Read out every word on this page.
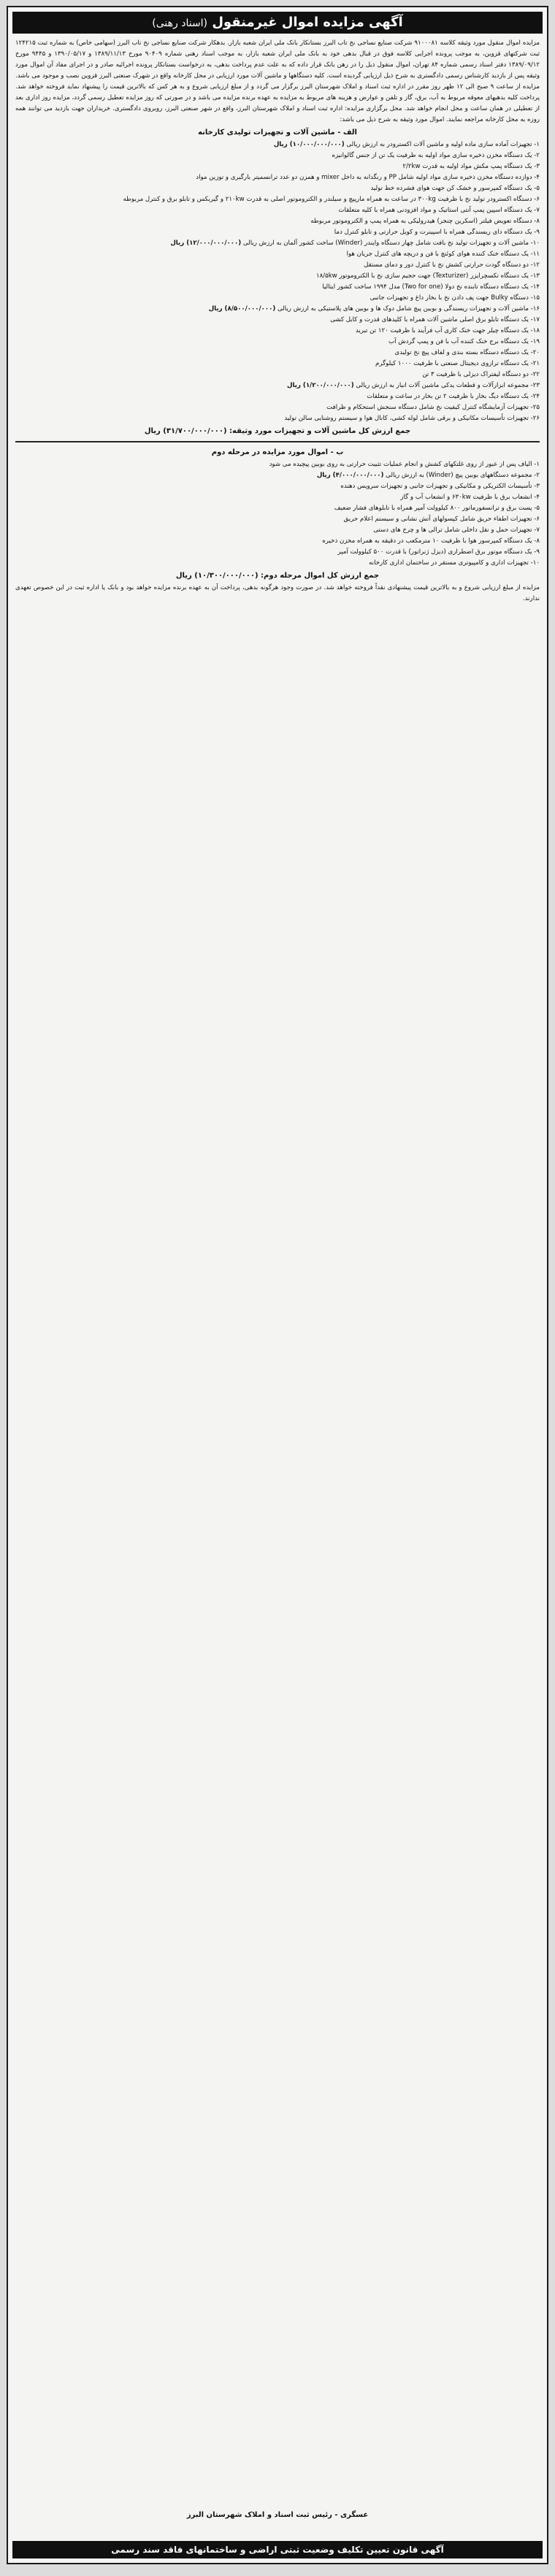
آگهی مزایده اموال غیرمنقول (اسناد رهنی)

مزایده اموال منقول مورد وثیقه کلاسه ۹۱۰۰۰۸۱ شرکت صنایع نساجی نخ تاب البرز بستانکار بانک ملی ایران شعبه بازار. بدهکار شرکت صنایع نساجی نخ تاب البرز (سهامی خاص) به شماره ثبت ۱۲۴۲۱۵ ثبت شرکتهای قزوین، به موجب پرونده اجرایی کلاسه فوق در قبال بدهی خود به بانک ملی ایران شعبه بازار، به موجب اسناد رهنی شماره ۹۰۴۰۹ مورخ ۱۳۸۹/۱۱/۱۳ و ۱۳۹۰/۰۵/۱۷ و ۹۴۴۵ مورخ ۱۳۸۹/۰۹/۱۲ دفتر اسناد رسمی شماره ۸۴ تهران، اموال منقول ذیل را در رهن بانک قرار داده که به علت عدم پرداخت بدهی، به درخواست بستانکار پرونده اجرائیه صادر و در اجرای مفاد آن اموال مورد وثیقه پس از بازدید کارشناس رسمی دادگستری به شرح ذیل ارزیابی گردیده است. کلیه دستگاهها و ماشین آلات مورد ارزیابی در محل کارخانه واقع در شهرک صنعتی البرز قزوین نصب و موجود می باشد. مزایده از ساعت ۹ صبح الی ۱۲ ظهر روز مقرر در اداره ثبت اسناد و املاک شهرستان البرز برگزار می گردد و از مبلغ ارزیابی شروع و به هر کس که بالاترین قیمت را پیشنهاد نماید فروخته خواهد شد. پرداخت کلیه بدهیهای معوقه مربوط به آب، برق، گاز و تلفن و عوارض و هزینه های مربوط به مزایده به عهده برنده مزایده می باشد و در صورتی که روز مزایده تعطیل رسمی گردد، مزایده روز اداری بعد از تعطیلی در همان ساعت و محل انجام خواهد شد. محل برگزاری مزایده: اداره ثبت اسناد و املاک شهرستان البرز، واقع در شهر صنعتی البرز، روبروی دادگستری. خریداران جهت بازدید می توانند همه روزه به محل کارخانه مراجعه نمایند. اموال مورد وثیقه به شرح ذیل می باشد:

الف - ماشین آلات و تجهیزات تولیدی کارخانه
۱- تجهیزات آماده سازی ماده اولیه و ماشین آلات اکسترودر به ارزش ریالی (۱۰/۰۰۰/۰۰۰/۰۰۰) ریال
۲- یک دستگاه مخزن ذخیره سازی مواد اولیه به ظرفیت یک تن از جنس گالوانیزه
۳- یک دستگاه پمپ مکش مواد اولیه به قدرت ۲/۲kw
۴- دوازده دستگاه مخزن ذخیره سازی مواد اولیه شامل PP و رنگدانه به داخل mixer و همزن دو عدد ترانسمیتر بارگیری و توزین مواد
۵- یک دستگاه کمپرسور و خشک کن جهت هوای فشرده خط تولید
۶- دستگاه اکسترودر تولید نخ با ظرفیت ۳۰۰kg در ساعت به همراه مارپیچ و سیلندر و الکتروموتور اصلی به قدرت ۲۱۰kw و گیربکس و تابلو برق و کنترل مربوطه
۷- یک دستگاه اسپین پمپ آنتی استاتیک و مواد افزودنی همراه با کلیه متعلقات
۸- دستگاه تعویض فیلتر (اسکرین چنجر) هیدرولیکی به همراه پمپ و الکتروموتور مربوطه
۹- یک دستگاه دای ریسندگی همراه با اسپینرت و کویل حرارتی و تابلو کنترل دما
۱۰- ماشین آلات و تجهیزات تولید نخ بافت شامل چهار دستگاه وایندر (Winder) ساخت کشور آلمان به ارزش ریالی (۱۲/۰۰۰/۰۰۰/۰۰۰) ریال
۱۱- یک دستگاه خنک کننده هوای کوئنچ با فن و دریچه های کنترل جریان هوا
۱۲- دو دستگاه گودت حرارتی کشش نخ با کنترل دور و دمای مستقل
۱۳- یک دستگاه تکسچرایزر (Texturizer) جهت حجیم سازی نخ با الکتروموتور ۱۸/۵kw
۱۴- یک دستگاه دستگاه تابنده نخ دولا (Two for one) مدل ۱۹۹۴ ساخت کشور ایتالیا
۱۵- دستگاه Bulky جهت پف دادن نخ با بخار داغ و تجهیزات جانبی
۱۶- ماشین آلات و تجهیزات ریسندگی و بوبین پیچ شامل دوک ها و بوبین های پلاستیکی به ارزش ریالی (۸/۵۰۰/۰۰۰/۰۰۰) ریال
۱۷- یک دستگاه تابلو برق اصلی ماشین آلات همراه با کلیدهای قدرت و کابل کشی
۱۸- یک دستگاه چیلر جهت خنک کاری آب فرآیند با ظرفیت ۱۲۰ تن تبرید
۱۹- یک دستگاه برج خنک کننده آب با فن و پمپ گردش آب
۲۰- یک دستگاه دستگاه بسته بندی و لفاف پیچ نخ تولیدی
۲۱- یک دستگاه ترازوی دیجیتال صنعتی با ظرفیت ۱۰۰۰ کیلوگرم
۲۲- دو دستگاه لیفتراک دیزلی با ظرفیت ۳ تن
۲۳- مجموعه ابزارآلات و قطعات یدکی ماشین آلات انبار به ارزش ریالی (۱/۲۰۰/۰۰۰/۰۰۰) ریال
۲۴- یک دستگاه دیگ بخار با ظرفیت ۲ تن بخار در ساعت و متعلقات
۲۵- تجهیزات آزمایشگاه کنترل کیفیت نخ شامل دستگاه سنجش استحکام و ظرافت
۲۶- تجهیزات تأسیسات مکانیکی و برقی شامل لوله کشی، کانال هوا و سیستم روشنایی سالن تولید
جمع ارزش کل ماشین آلات و تجهیزات مورد وثیقه: (۳۱/۷۰۰/۰۰۰/۰۰۰) ریال
ب - اموال مورد مزایده در مرحله دوم
۱- الیاف پس از عبور از روی غلتکهای کشش و انجام عملیات تثبیت حرارتی به روی بوبین پیچیده می شود
۲- مجموعه دستگاههای بوبین پیچ (Winder) به ارزش ریالی (۴/۰۰۰/۰۰۰/۰۰۰) ریال
۳- تأسیسات الکتریکی و مکانیکی و تجهیزات جانبی و تجهیزات سرویس دهنده
۴- انشعاب برق با ظرفیت ۶۳۰kw و انشعاب آب و گاز
۵- پست برق و ترانسفورماتور ۸۰۰ کیلوولت آمپر همراه با تابلوهای فشار ضعیف
۶- تجهیزات اطفاء حریق شامل کپسولهای آتش نشانی و سیستم اعلام حریق
۷- تجهیزات حمل و نقل داخلی شامل ترالی ها و چرخ های دستی
۸- یک دستگاه کمپرسور هوا با ظرفیت ۱۰ مترمکعب در دقیقه به همراه مخزن ذخیره
۹- یک دستگاه موتور برق اضطراری (دیزل ژنراتور) با قدرت ۵۰۰ کیلوولت آمپر
۱۰- تجهیزات اداری و کامپیوتری مستقر در ساختمان اداری کارخانه
جمع ارزش کل اموال مرحله دوم: (۱۰/۳۰۰/۰۰۰/۰۰۰) ریال

مزایده از مبلغ ارزیابی شروع و به بالاترین قیمت پیشنهادی نقداً فروخته خواهد شد. در صورت وجود هرگونه بدهی، پرداخت آن به عهده برنده مزایده خواهد بود و بانک یا اداره ثبت در این خصوص تعهدی ندارند.

عسگری - رئیس ثبت اسناد و املاک شهرستان البرز
آگهی قانون تعیین تکلیف وضعیت ثبتی اراضی و ساختمانهای فاقد سند رسمی
